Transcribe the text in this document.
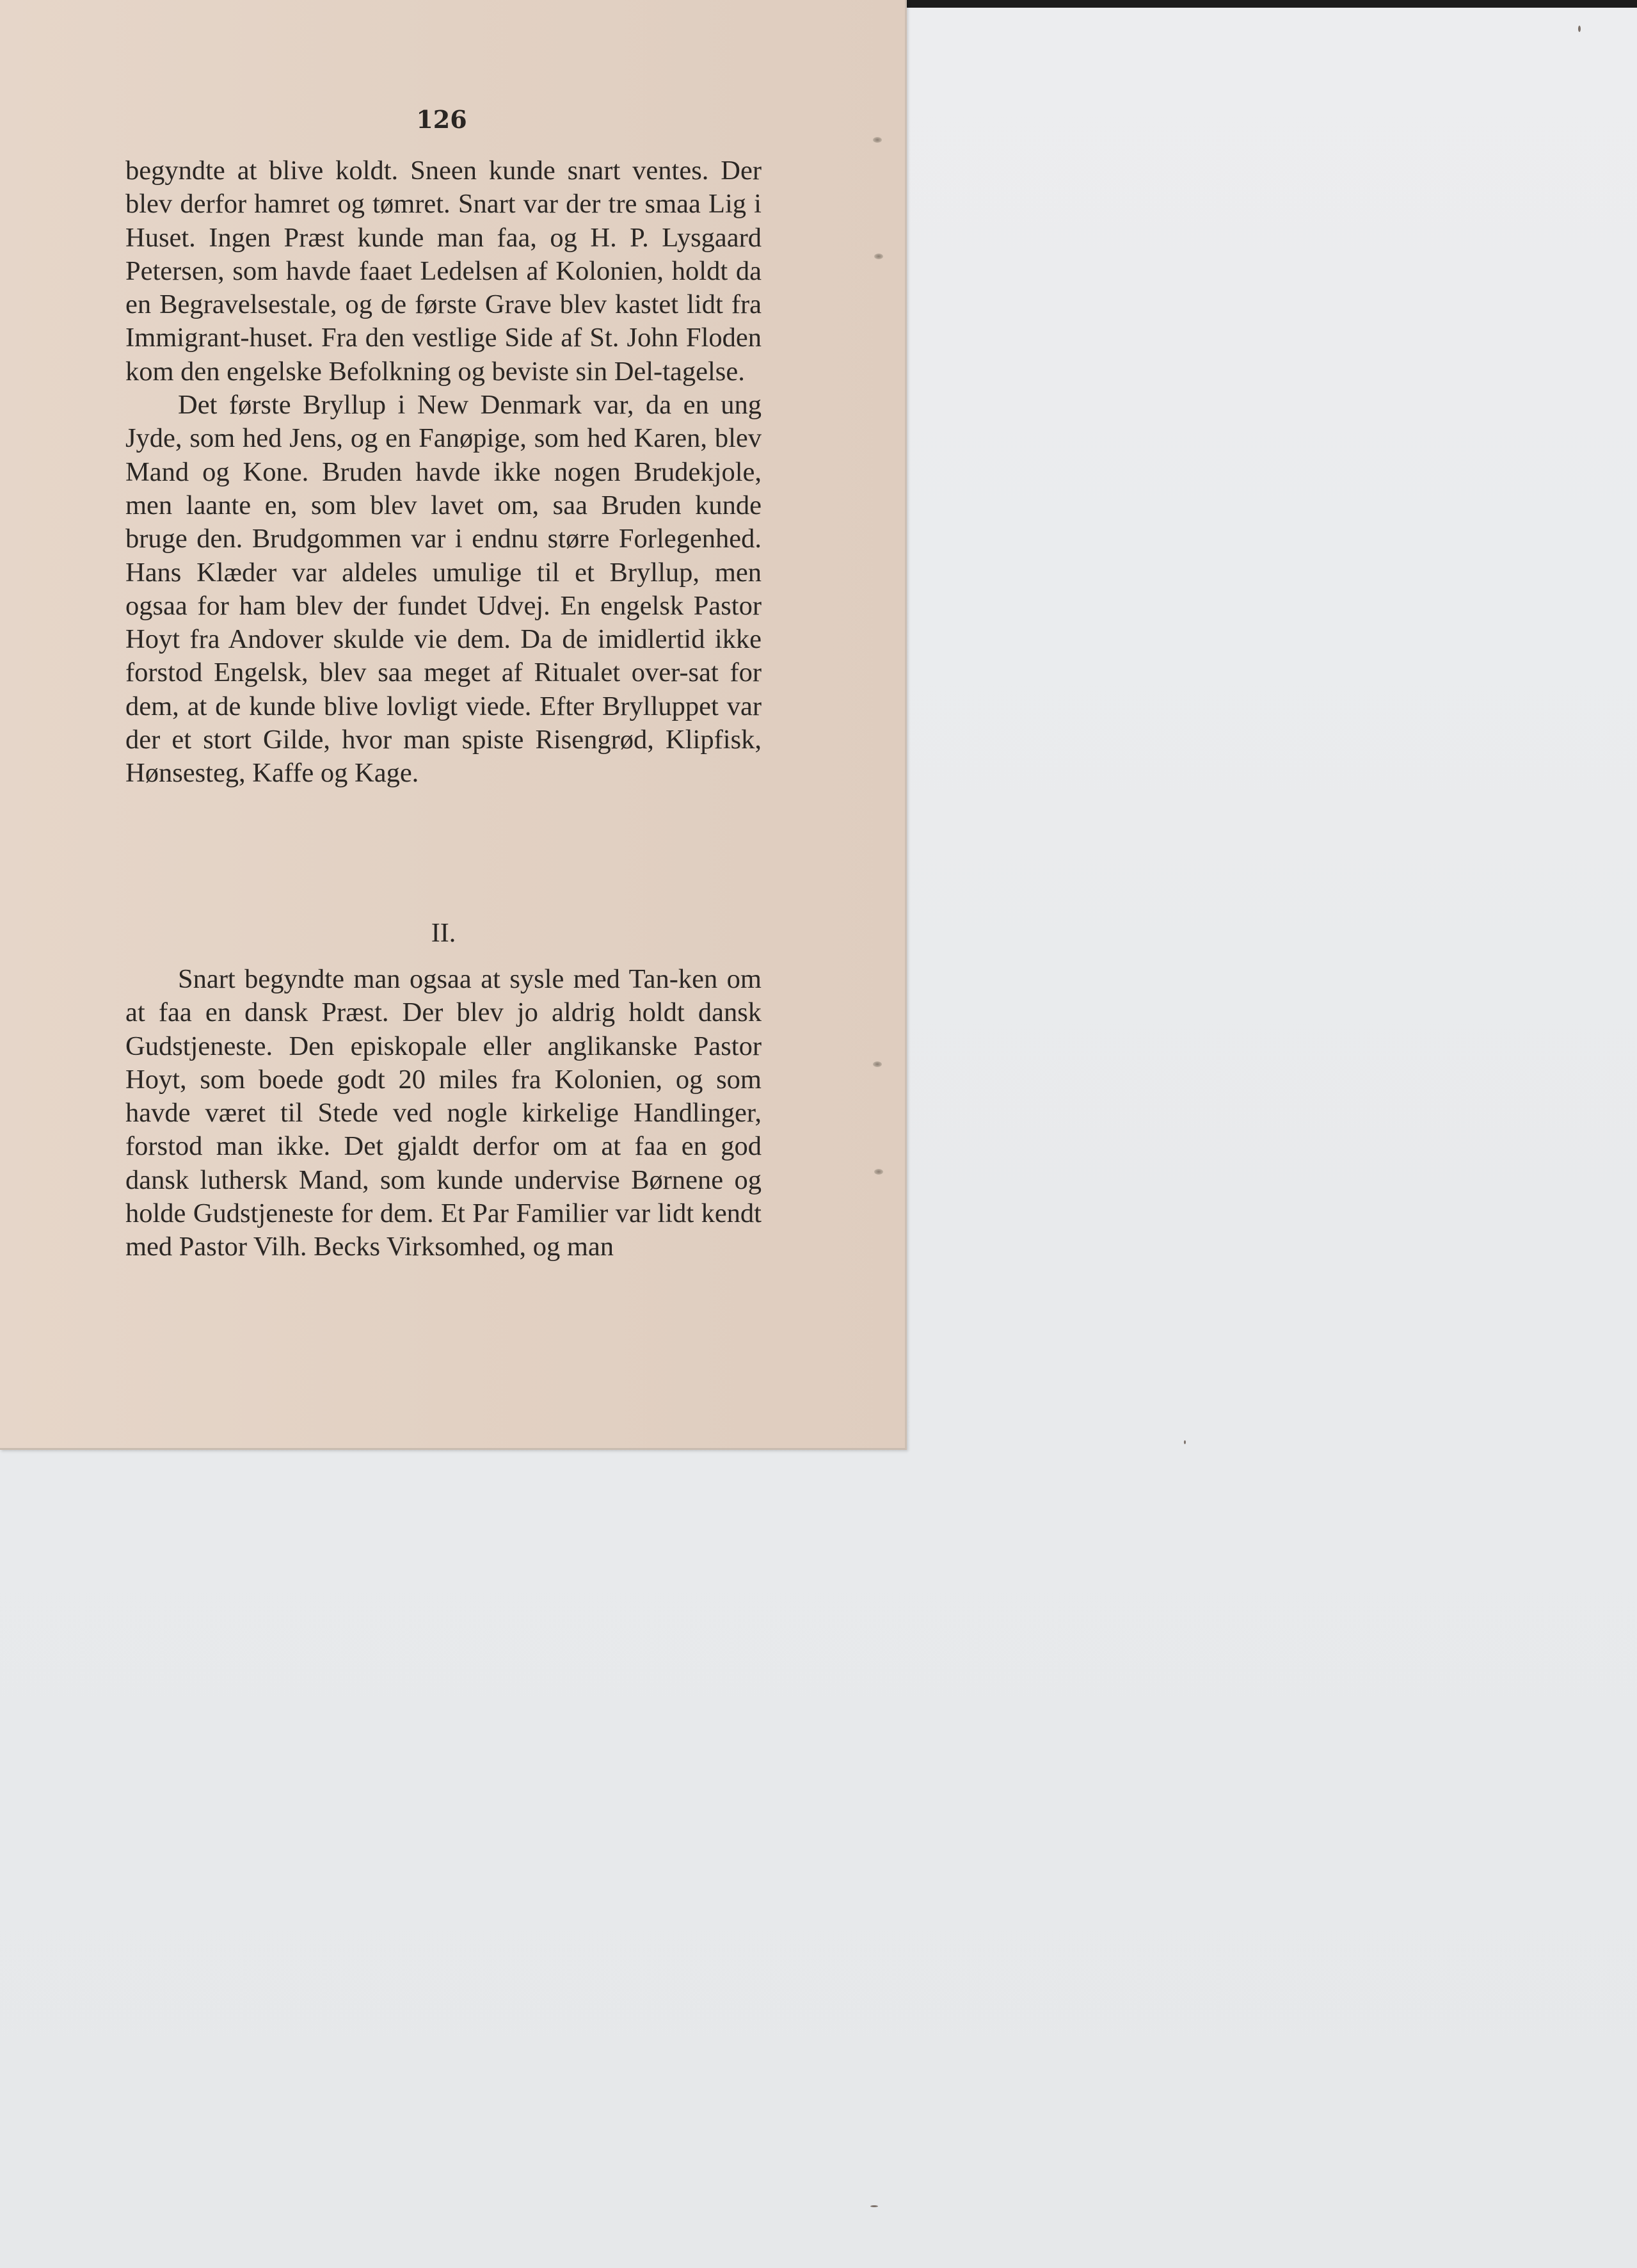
126

begyndte at blive koldt. Sneen kunde snart ventes. Der blev derfor hamret og tømret. Snart var der tre smaa Lig i Huset. Ingen Præst kunde man faa, og H. P. Lysgaard Petersen, som havde faaet Ledelsen af Kolonien, holdt da en Begravelsestale, og de første Grave blev kastet lidt fra Immigrant-huset. Fra den vestlige Side af St. John Floden kom den engelske Befolkning og beviste sin Del-tagelse.

Det første Bryllup i New Denmark var, da en ung Jyde, som hed Jens, og en Fanøpige, som hed Karen, blev Mand og Kone. Bruden havde ikke nogen Brudekjole, men laante en, som blev lavet om, saa Bruden kunde bruge den. Brudgommen var i endnu større Forlegenhed. Hans Klæder var aldeles umulige til et Bryllup, men ogsaa for ham blev der fundet Udvej. En engelsk Pastor Hoyt fra Andover skulde vie dem. Da de imidlertid ikke forstod Engelsk, blev saa meget af Ritualet over-sat for dem, at de kunde blive lovligt viede. Efter Brylluppet var der et stort Gilde, hvor man spiste Risengrød, Klipfisk, Hønsesteg, Kaffe og Kage.

II.

Snart begyndte man ogsaa at sysle med Tan-ken om at faa en dansk Præst. Der blev jo aldrig holdt dansk Gudstjeneste. Den episkopale eller anglikanske Pastor Hoyt, som boede godt 20 miles fra Kolonien, og som havde været til Stede ved nogle kirkelige Handlinger, forstod man ikke. Det gjaldt derfor om at faa en god dansk luthersk Mand, som kunde undervise Børnene og holde Gudstjeneste for dem. Et Par Familier var lidt kendt med Pastor Vilh. Becks Virksomhed, og man
